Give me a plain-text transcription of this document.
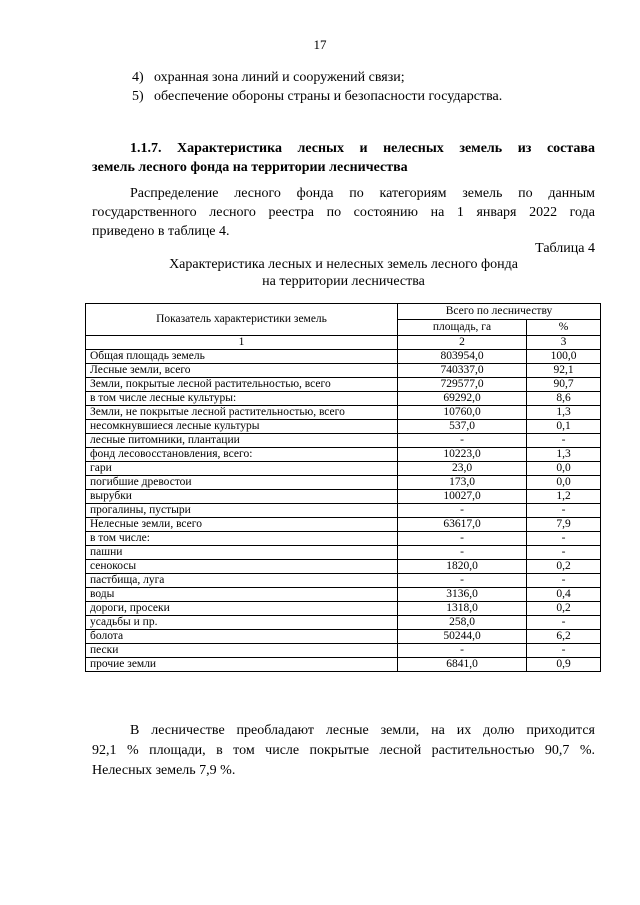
17
4) охранная зона линий и сооружений связи;
5) обеспечение обороны страны и безопасности государства.
1.1.7. Характеристика лесных и нелесных земель из состава
земель лесного фонда на территории лесничества
Распределение лесного фонда по категориям земель по данным
государственного лесного реестра по состоянию на 1 января 2022 года
приведено в таблице 4.
Таблица 4
Характеристика лесных и нелесных земель лесного фонда
на территории лесничества
Показатель характеристики земель	Всего по лесничеству	
	площадь, га	%
1	2	3
Общая площадь земель	803954,0	100,0
Лесные земли, всего	740337,0	92,1
Земли, покрытые лесной растительностью, всего	729577,0	90,7
в том числе лесные культуры:	69292,0	8,6
Земли, не покрытые лесной растительностью, всего	10760,0	1,3
несомкнувшиеся лесные культуры	537,0	0,1
лесные питомники, плантации	-	-
фонд лесовосстановления, всего:	10223,0	1,3
гари	23,0	0,0
погибшие древостои	173,0	0,0
вырубки	10027,0	1,2
прогалины, пустыри	-	-
Нелесные земли, всего	63617,0	7,9
в том числе:	-	-
пашни	-	-
сенокосы	1820,0	0,2
пастбища, луга	-	-
воды	3136,0	0,4
дороги, просеки	1318,0	0,2
усадьбы и пр.	258,0	-
болота	50244,0	6,2
пески	-	-
прочие земли	6841,0	0,9
В лесничестве преобладают лесные земли, на их долю приходится
92,1 % площади, в том числе покрытые лесной растительностью 90,7 %.
Нелесных земель 7,9 %.
